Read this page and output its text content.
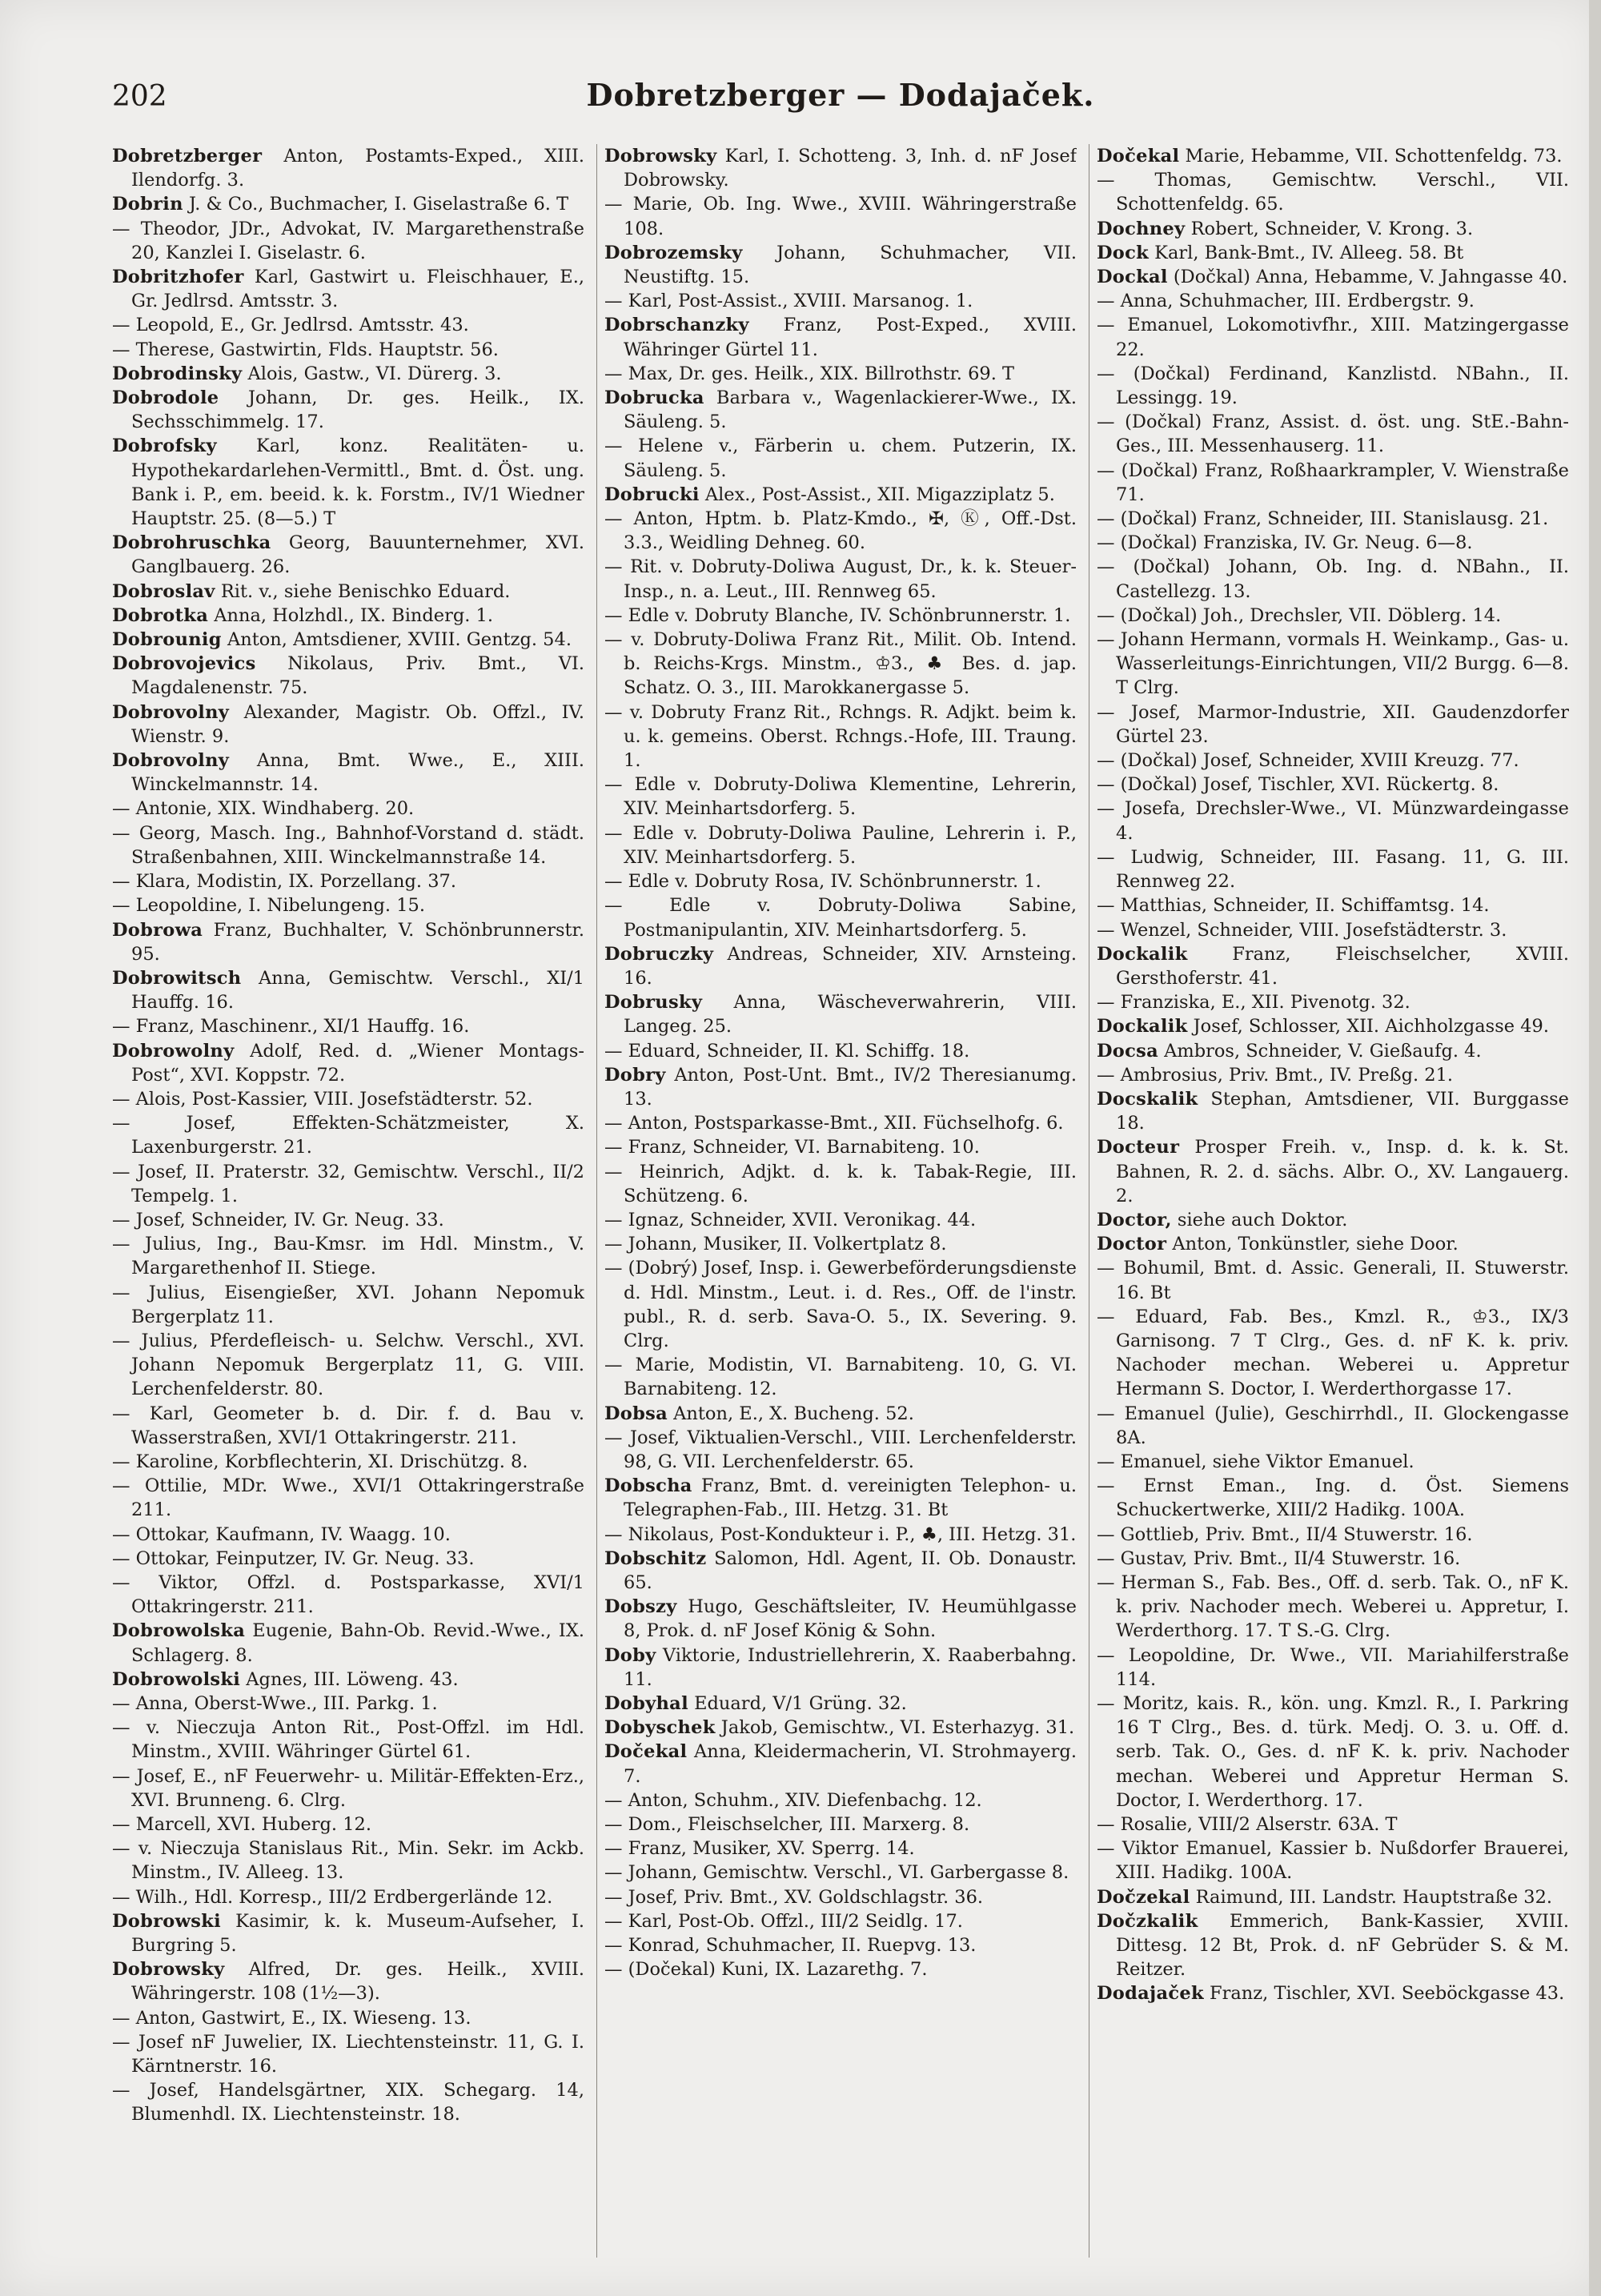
202	Dobretzberger — Dodajaček.

Dobretzberger Anton, Postamts-Exped., XIII. Ilendorfg. 3.

Dobrin J. & Co., Buchmacher, I. Giselastraße 6. T

— Theodor, JDr., Advokat, IV. Margarethenstraße 20, Kanzlei I. Giselastr. 6.

Dobritzhofer Karl, Gastwirt u. Fleischhauer, E., Gr. Jedlrsd. Amtsstr. 3.

— Leopold, E., Gr. Jedlrsd. Amtsstr. 43.

— Therese, Gastwirtin, Flds. Hauptstr. 56.

Dobrodinsky Alois, Gastw., VI. Dürerg. 3.

Dobrodole Johann, Dr. ges. Heilk., IX. Sechsschimmelg. 17.

Dobrofsky Karl, konz. Realitäten- u. Hypothekardarlehen-Vermittl., Bmt. d. Öst. ung. Bank i. P., em. beeid. k. k. Forstm., IV/1 Wiedner Hauptstr. 25. (8—5.) T

Dobrohruschka Georg, Bauunternehmer, XVI. Ganglbauerg. 26.

Dobroslav Rit. v., siehe Benischko Eduard.

Dobrotka Anna, Holzhdl., IX. Binderg. 1.

Dobrounig Anton, Amtsdiener, XVIII. Gentzg. 54.

Dobrovojevics Nikolaus, Priv. Bmt., VI. Magdalenenstr. 75.

Dobrovolny Alexander, Magistr. Ob. Offzl., IV. Wienstr. 9.

Dobrovolny Anna, Bmt. Wwe., E., XIII. Winckelmannstr. 14.

— Antonie, XIX. Windhaberg. 20.

— Georg, Masch. Ing., Bahnhof-Vorstand d. städt. Straßenbahnen, XIII. Winckelmannstraße 14.

— Klara, Modistin, IX. Porzellang. 37.

— Leopoldine, I. Nibelungeng. 15.

Dobrowa Franz, Buchhalter, V. Schönbrunnerstr. 95.

Dobrowitsch Anna, Gemischtw. Verschl., XI/1 Hauffg. 16.

— Franz, Maschinenr., XI/1 Hauffg. 16.

Dobrowolny Adolf, Red. d. „Wiener Montags-Post“, XVI. Koppstr. 72.

— Alois, Post-Kassier, VIII. Josefstädterstr. 52.

— Josef, Effekten-Schätzmeister, X. Laxenburgerstr. 21.

— Josef, II. Praterstr. 32, Gemischtw. Verschl., II/2 Tempelg. 1.

— Josef, Schneider, IV. Gr. Neug. 33.

— Julius, Ing., Bau-Kmsr. im Hdl. Minstm., V. Margarethenhof II. Stiege.

— Julius, Eisengießer, XVI. Johann Nepomuk Bergerplatz 11.

— Julius, Pferdefleisch- u. Selchw. Verschl., XVI. Johann Nepomuk Bergerplatz 11, G. VIII. Lerchenfelderstr. 80.

— Karl, Geometer b. d. Dir. f. d. Bau v. Wasserstraßen, XVI/1 Ottakringerstr. 211.

— Karoline, Korbflechterin, XI. Drischützg. 8.

— Ottilie, MDr. Wwe., XVI/1 Ottakringerstraße 211.

— Ottokar, Kaufmann, IV. Waagg. 10.

— Ottokar, Feinputzer, IV. Gr. Neug. 33.

— Viktor, Offzl. d. Postsparkasse, XVI/1 Ottakringerstr. 211.

Dobrowolska Eugenie, Bahn-Ob. Revid.-Wwe., IX. Schlagerg. 8.

Dobrowolski Agnes, III. Löweng. 43.

— Anna, Oberst-Wwe., III. Parkg. 1.

— v. Nieczuja Anton Rit., Post-Offzl. im Hdl. Minstm., XVIII. Währinger Gürtel 61.

— Josef, E., nF Feuerwehr- u. Militär-Effekten-Erz., XVI. Brunneng. 6. Clrg.

— Marcell, XVI. Huberg. 12.

— v. Nieczuja Stanislaus Rit., Min. Sekr. im Ackb. Minstm., IV. Alleeg. 13.

— Wilh., Hdl. Korresp., III/2 Erdbergerlände 12.

Dobrowski Kasimir, k. k. Museum-Aufseher, I. Burgring 5.

Dobrowsky Alfred, Dr. ges. Heilk., XVIII. Währingerstr. 108 (1½—3).

— Anton, Gastwirt, E., IX. Wieseng. 13.

— Josef nF Juwelier, IX. Liechtensteinstr. 11, G. I. Kärntnerstr. 16.

— Josef, Handelsgärtner, XIX. Schegarg. 14, Blumenhdl. IX. Liechtensteinstr. 18.

Dobrowsky Karl, I. Schotteng. 3, Inh. d. nF Josef Dobrowsky.

— Marie, Ob. Ing. Wwe., XVIII. Währingerstraße 108.

Dobrozemsky Johann, Schuhmacher, VII. Neustiftg. 15.

— Karl, Post-Assist., XVIII. Marsanog. 1.

Dobrschanzky Franz, Post-Exped., XVIII. Währinger Gürtel 11.

— Max, Dr. ges. Heilk., XIX. Billrothstr. 69. T

Dobrucka Barbara v., Wagenlackierer-Wwe., IX. Säuleng. 5.

— Helene v., Färberin u. chem. Putzerin, IX. Säuleng. 5.

Dobrucki Alex., Post-Assist., XII. Migazziplatz 5.

— Anton, Hptm. b. Platz-Kmdo., ✠, Ⓚ, Off.-Dst. 3.3., Weidling Dehneg. 60.

— Rit. v. Dobruty-Doliwa August, Dr., k. k. Steuer-Insp., n. a. Leut., III. Rennweg 65.

— Edle v. Dobruty Blanche, IV. Schönbrunnerstr. 1.

— v. Dobruty-Doliwa Franz Rit., Milit. Ob. Intend. b. Reichs-Krgs. Minstm., ♔3., ♣ Bes. d. jap. Schatz. O. 3., III. Marokkanergasse 5.

— v. Dobruty Franz Rit., Rchngs. R. Adjkt. beim k. u. k. gemeins. Oberst. Rchngs.-Hofe, III. Traung. 1.

— Edle v. Dobruty-Doliwa Klementine, Lehrerin, XIV. Meinhartsdorferg. 5.

— Edle v. Dobruty-Doliwa Pauline, Lehrerin i. P., XIV. Meinhartsdorferg. 5.

— Edle v. Dobruty Rosa, IV. Schönbrunnerstr. 1.

— Edle v. Dobruty-Doliwa Sabine, Postmanipulantin, XIV. Meinhartsdorferg. 5.

Dobruczky Andreas, Schneider, XIV. Arnsteing. 16.

Dobrusky Anna, Wäscheverwahrerin, VIII. Langeg. 25.

— Eduard, Schneider, II. Kl. Schiffg. 18.

Dobry Anton, Post-Unt. Bmt., IV/2 Theresianumg. 13.

— Anton, Postsparkasse-Bmt., XII. Füchselhofg. 6.

— Franz, Schneider, VI. Barnabiteng. 10.

— Heinrich, Adjkt. d. k. k. Tabak-Regie, III. Schützeng. 6.

— Ignaz, Schneider, XVII. Veronikag. 44.

— Johann, Musiker, II. Volkertplatz 8.

— (Dobrý) Josef, Insp. i. Gewerbeförderungsdienste d. Hdl. Minstm., Leut. i. d. Res., Off. de l'instr. publ., R. d. serb. Sava-O. 5., IX. Severing. 9. Clrg.

— Marie, Modistin, VI. Barnabiteng. 10, G. VI. Barnabiteng. 12.

Dobsa Anton, E., X. Bucheng. 52.

— Josef, Viktualien-Verschl., VIII. Lerchenfelderstr. 98, G. VII. Lerchenfelderstr. 65.

Dobscha Franz, Bmt. d. vereinigten Telephon- u. Telegraphen-Fab., III. Hetzg. 31. Bt

— Nikolaus, Post-Kondukteur i. P., ♣, III. Hetzg. 31.

Dobschitz Salomon, Hdl. Agent, II. Ob. Donaustr. 65.

Dobszy Hugo, Geschäftsleiter, IV. Heumühlgasse 8, Prok. d. nF Josef König & Sohn.

Doby Viktorie, Industriellehrerin, X. Raaberbahng. 11.

Dobyhal Eduard, V/1 Grüng. 32.

Dobyschek Jakob, Gemischtw., VI. Esterhazyg. 31.

Dočekal Anna, Kleidermacherin, VI. Strohmayerg. 7.

— Anton, Schuhm., XIV. Diefenbachg. 12.

— Dom., Fleischselcher, III. Marxerg. 8.

— Franz, Musiker, XV. Sperrg. 14.

— Johann, Gemischtw. Verschl., VI. Garbergasse 8.

— Josef, Priv. Bmt., XV. Goldschlagstr. 36.

— Karl, Post-Ob. Offzl., III/2 Seidlg. 17.

— Konrad, Schuhmacher, II. Ruepvg. 13.

— (Dočekal) Kuni, IX. Lazarethg. 7.

Dočekal Marie, Hebamme, VII. Schottenfeldg. 73.

— Thomas, Gemischtw. Verschl., VII. Schottenfeldg. 65.

Dochney Robert, Schneider, V. Krong. 3.

Dock Karl, Bank-Bmt., IV. Alleeg. 58. Bt

Dockal (Dočkal) Anna, Hebamme, V. Jahngasse 40.

— Anna, Schuhmacher, III. Erdbergstr. 9.

— Emanuel, Lokomotivfhr., XIII. Matzingergasse 22.

— (Dočkal) Ferdinand, Kanzlistd. NBahn., II. Lessingg. 19.

— (Dočkal) Franz, Assist. d. öst. ung. StE.-Bahn-Ges., III. Messenhauserg. 11.

— (Dočkal) Franz, Roßhaarkrampler, V. Wienstraße 71.

— (Dočkal) Franz, Schneider, III. Stanislausg. 21.

— (Dočkal) Franziska, IV. Gr. Neug. 6—8.

— (Dočkal) Johann, Ob. Ing. d. NBahn., II. Castellezg. 13.

— (Dočkal) Joh., Drechsler, VII. Döblerg. 14.

— Johann Hermann, vormals H. Weinkamp., Gas- u. Wasserleitungs-Einrichtungen, VII/2 Burgg. 6—8. T Clrg.

— Josef, Marmor-Industrie, XII. Gaudenzdorfer Gürtel 23.

— (Dočkal) Josef, Schneider, XVIII Kreuzg. 77.

— (Dočkal) Josef, Tischler, XVI. Rückertg. 8.

— Josefa, Drechsler-Wwe., VI. Münzwardeingasse 4.

— Ludwig, Schneider, III. Fasang. 11, G. III. Rennweg 22.

— Matthias, Schneider, II. Schiffamtsg. 14.

— Wenzel, Schneider, VIII. Josefstädterstr. 3.

Dockalik Franz, Fleischselcher, XVIII. Gersthoferstr. 41.

— Franziska, E., XII. Pivenotg. 32.

Dockalik Josef, Schlosser, XII. Aichholzgasse 49.

Docsa Ambros, Schneider, V. Gießaufg. 4.

— Ambrosius, Priv. Bmt., IV. Preßg. 21.

Docskalik Stephan, Amtsdiener, VII. Burggasse 18.

Docteur Prosper Freih. v., Insp. d. k. k. St. Bahnen, R. 2. d. sächs. Albr. O., XV. Langauerg. 2.

Doctor, siehe auch Doktor.

Doctor Anton, Tonkünstler, siehe Door.

— Bohumil, Bmt. d. Assic. Generali, II. Stuwerstr. 16. Bt

— Eduard, Fab. Bes., Kmzl. R., ♔3., IX/3 Garnisong. 7 T Clrg., Ges. d. nF K. k. priv. Nachoder mechan. Weberei u. Appretur Hermann S. Doctor, I. Werderthorgasse 17.

— Emanuel (Julie), Geschirrhdl., II. Glockengasse 8A.

— Emanuel, siehe Viktor Emanuel.

— Ernst Eman., Ing. d. Öst. Siemens Schuckertwerke, XIII/2 Hadikg. 100A.

— Gottlieb, Priv. Bmt., II/4 Stuwerstr. 16.

— Gustav, Priv. Bmt., II/4 Stuwerstr. 16.

— Herman S., Fab. Bes., Off. d. serb. Tak. O., nF K. k. priv. Nachoder mech. Weberei u. Appretur, I. Werderthorg. 17. T S.-G. Clrg.

— Leopoldine, Dr. Wwe., VII. Mariahilferstraße 114.

— Moritz, kais. R., kön. ung. Kmzl. R., I. Parkring 16 T Clrg., Bes. d. türk. Medj. O. 3. u. Off. d. serb. Tak. O., Ges. d. nF K. k. priv. Nachoder mechan. Weberei und Appretur Herman S. Doctor, I. Werderthorg. 17.

— Rosalie, VIII/2 Alserstr. 63A. T

— Viktor Emanuel, Kassier b. Nußdorfer Brauerei, XIII. Hadikg. 100A.

Dočzekal Raimund, III. Landstr. Hauptstraße 32.

Dočzkalik Emmerich, Bank-Kassier, XVIII. Dittesg. 12 Bt, Prok. d. nF Gebrüder S. & M. Reitzer.

Dodajaček Franz, Tischler, XVI. Seeböckgasse 43.
